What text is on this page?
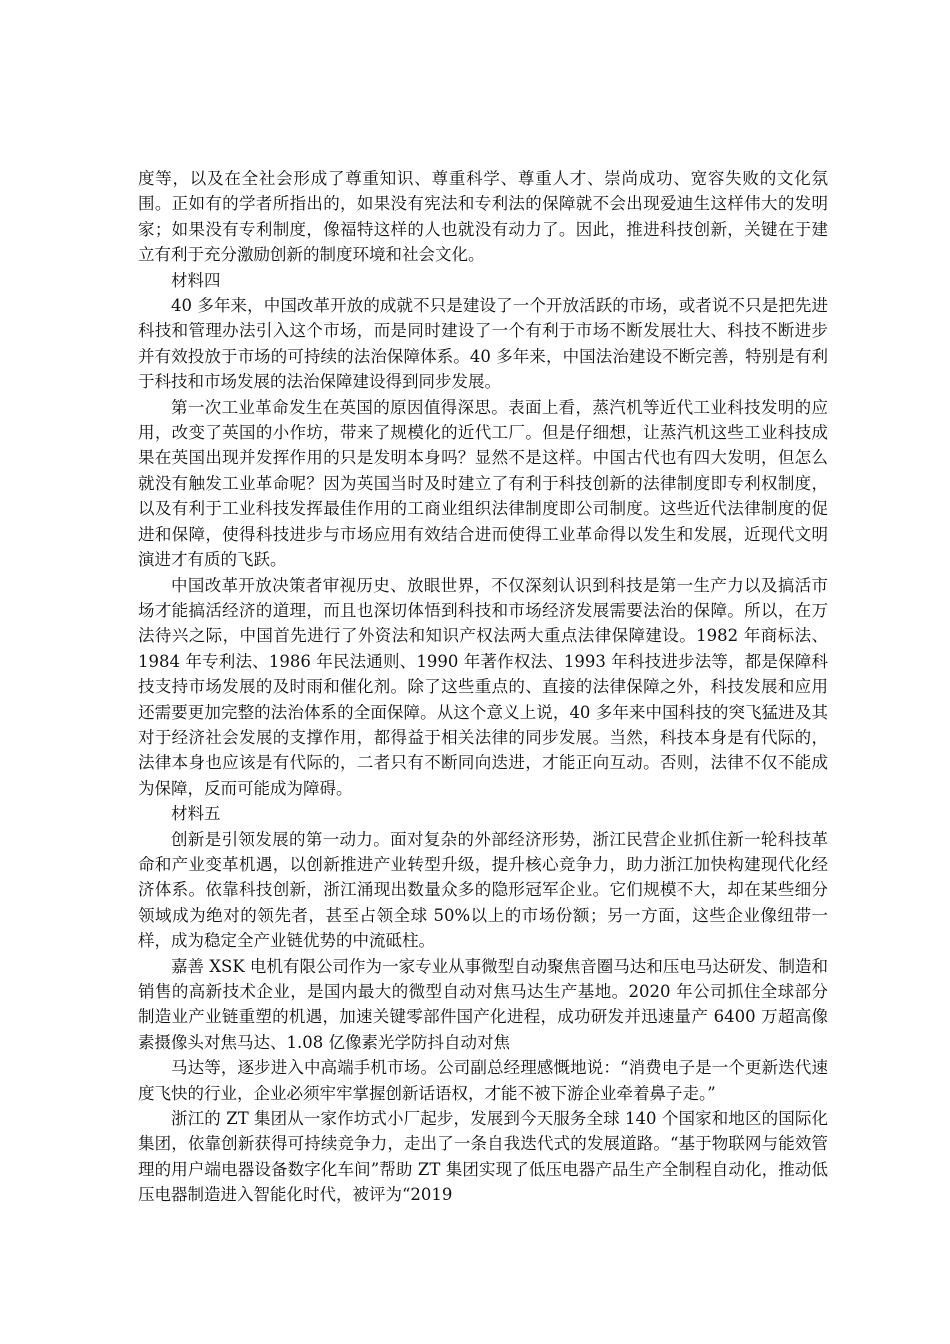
度等，以及在全社会形成了尊重知识、尊重科学、尊重人才、崇尚成功、宽容失败的文化氛围。正如有的学者所指出的，如果没有宪法和专利法的保障就不会出现爱迪生这样伟大的发明家；如果没有专利制度，像福特这样的人也就没有动力了。因此，推进科技创新，关键在于建立有利于充分激励创新的制度环境和社会文化。

材料四

40 多年来，中国改革开放的成就不只是建设了一个开放活跃的市场，或者说不只是把先进科技和管理办法引入这个市场，而是同时建设了一个有利于市场不断发展壮大、科技不断进步并有效投放于市场的可持续的法治保障体系。40 多年来，中国法治建设不断完善，特别是有利于科技和市场发展的法治保障建设得到同步发展。

第一次工业革命发生在英国的原因值得深思。表面上看，蒸汽机等近代工业科技发明的应用，改变了英国的小作坊，带来了规模化的近代工厂。但是仔细想，让蒸汽机这些工业科技成果在英国出现并发挥作用的只是发明本身吗？显然不是这样。中国古代也有四大发明，但怎么就没有触发工业革命呢？因为英国当时及时建立了有利于科技创新的法律制度即专利权制度，以及有利于工业科技发挥最佳作用的工商业组织法律制度即公司制度。这些近代法律制度的促进和保障，使得科技进步与市场应用有效结合进而使得工业革命得以发生和发展，近现代文明演进才有质的飞跃。

中国改革开放决策者审视历史、放眼世界，不仅深刻认识到科技是第一生产力以及搞活市场才能搞活经济的道理，而且也深切体悟到科技和市场经济发展需要法治的保障。所以，在万法待兴之际，中国首先进行了外资法和知识产权法两大重点法律保障建设。1982 年商标法、1984 年专利法、1986 年民法通则、1990 年著作权法、1993 年科技进步法等，都是保障科技支持市场发展的及时雨和催化剂。除了这些重点的、直接的法律保障之外，科技发展和应用还需要更加完整的法治体系的全面保障。从这个意义上说，40 多年来中国科技的突飞猛进及其对于经济社会发展的支撑作用，都得益于相关法律的同步发展。当然，科技本身是有代际的，法律本身也应该是有代际的，二者只有不断同向迭进，才能正向互动。否则，法律不仅不能成为保障，反而可能成为障碍。

材料五

创新是引领发展的第一动力。面对复杂的外部经济形势，浙江民营企业抓住新一轮科技革命和产业变革机遇，以创新推进产业转型升级，提升核心竞争力，助力浙江加快构建现代化经济体系。依靠科技创新，浙江涌现出数量众多的隐形冠军企业。它们规模不大，却在某些细分领域成为绝对的领先者，甚至占领全球 50%以上的市场份额；另一方面，这些企业像纽带一样，成为稳定全产业链优势的中流砥柱。

嘉善 XSK 电机有限公司作为一家专业从事微型自动聚焦音圈马达和压电马达研发、制造和销售的高新技术企业，是国内最大的微型自动对焦马达生产基地。2020 年公司抓住全球部分制造业产业链重塑的机遇，加速关键零部件国产化进程，成功研发并迅速量产 6400 万超高像素摄像头对焦马达、1.08 亿像素光学防抖自动对焦

马达等，逐步进入中高端手机市场。公司副总经理感慨地说：“消费电子是一个更新迭代速度飞快的行业，企业必须牢牢掌握创新话语权，才能不被下游企业牵着鼻子走。”

浙江的 ZT 集团从一家作坊式小厂起步，发展到今天服务全球 140 个国家和地区的国际化集团，依靠创新获得可持续竞争力，走出了一条自我迭代式的发展道路。“基于物联网与能效管理的用户端电器设备数字化车间”帮助 ZT 集团实现了低压电器产品生产全制程自动化，推动低压电器制造进入智能化时代，被评为“2019
